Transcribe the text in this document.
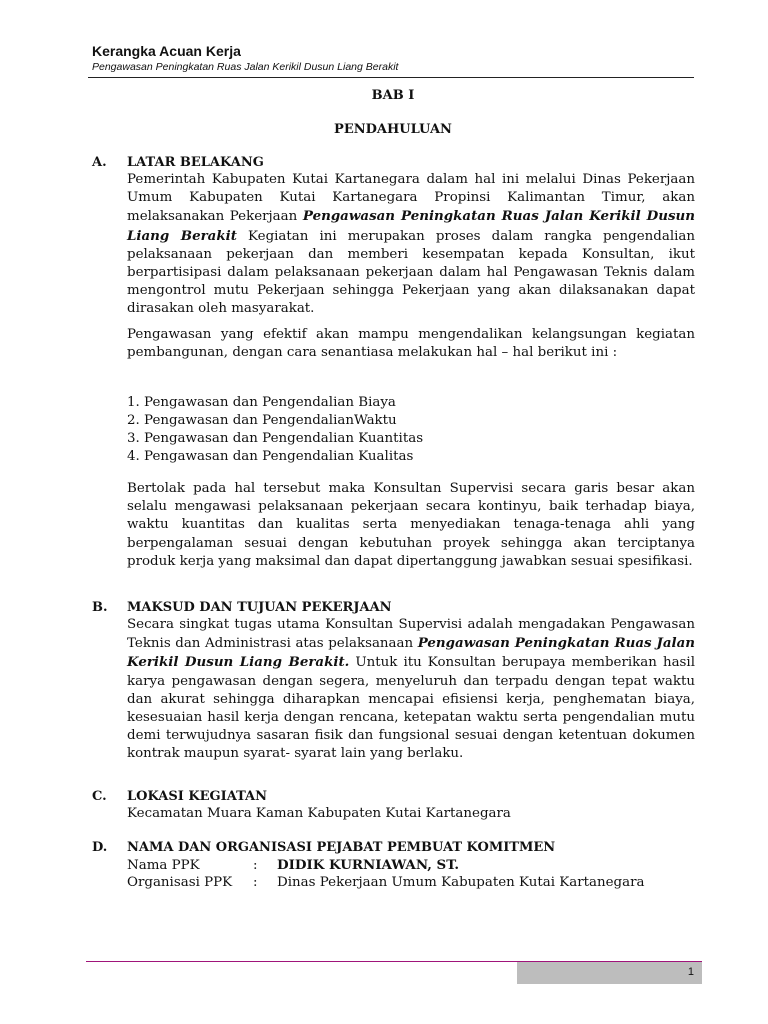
Kerangka Acuan Kerja
Pengawasan Peningkatan Ruas Jalan Kerikil Dusun Liang Berakit
BAB I
PENDAHULUAN
A. LATAR BELAKANG

Pemerintah Kabupaten Kutai Kartanegara dalam hal ini melalui Dinas Pekerjaan Umum Kabupaten Kutai Kartanegara Propinsi Kalimantan Timur, akan melaksanakan Pekerjaan Pengawasan Peningkatan Ruas Jalan Kerikil Dusun Liang Berakit Kegiatan ini merupakan proses dalam rangka pengendalian pelaksanaan pekerjaan dan memberi kesempatan kepada Konsultan, ikut berpartisipasi dalam pelaksanaan pekerjaan dalam hal Pengawasan Teknis dalam mengontrol mutu Pekerjaan sehingga Pekerjaan yang akan dilaksanakan dapat dirasakan oleh masyarakat.

Pengawasan yang efektif akan mampu mengendalikan kelangsungan kegiatan pembangunan, dengan cara senantiasa melakukan hal – hal berikut ini :

1. Pengawasan dan Pengendalian Biaya
2. Pengawasan dan PengendalianWaktu
3. Pengawasan dan Pengendalian Kuantitas
4. Pengawasan dan Pengendalian Kualitas

Bertolak pada hal tersebut maka Konsultan Supervisi secara garis besar akan selalu mengawasi pelaksanaan pekerjaan secara kontinyu, baik terhadap biaya, waktu kuantitas dan kualitas serta menyediakan tenaga-tenaga ahli yang berpengalaman sesuai dengan kebutuhan proyek sehingga akan terciptanya produk kerja yang maksimal dan dapat dipertanggung jawabkan sesuai spesifikasi.

B. MAKSUD DAN TUJUAN PEKERJAAN

Secara singkat tugas utama Konsultan Supervisi adalah mengadakan Pengawasan Teknis dan Administrasi atas pelaksanaan Pengawasan Peningkatan Ruas Jalan Kerikil Dusun Liang Berakit. Untuk itu Konsultan berupaya memberikan hasil karya pengawasan dengan segera, menyeluruh dan terpadu dengan tepat waktu dan akurat sehingga diharapkan mencapai efisiensi kerja, penghematan biaya, kesesuaian hasil kerja dengan rencana, ketepatan waktu serta pengendalian mutu demi terwujudnya sasaran fisik dan fungsional sesuai dengan ketentuan dokumen kontrak maupun syarat- syarat lain yang berlaku.

C. LOKASI KEGIATAN

Kecamatan Muara Kaman Kabupaten Kutai Kartanegara

D. NAMA DAN ORGANISASI PEJABAT PEMBUAT KOMITMEN
Nama PPK	: DIDIK KURNIAWAN, ST.
Organisasi PPK : Dinas Pekerjaan Umum Kabupaten Kutai Kartanegara
1
